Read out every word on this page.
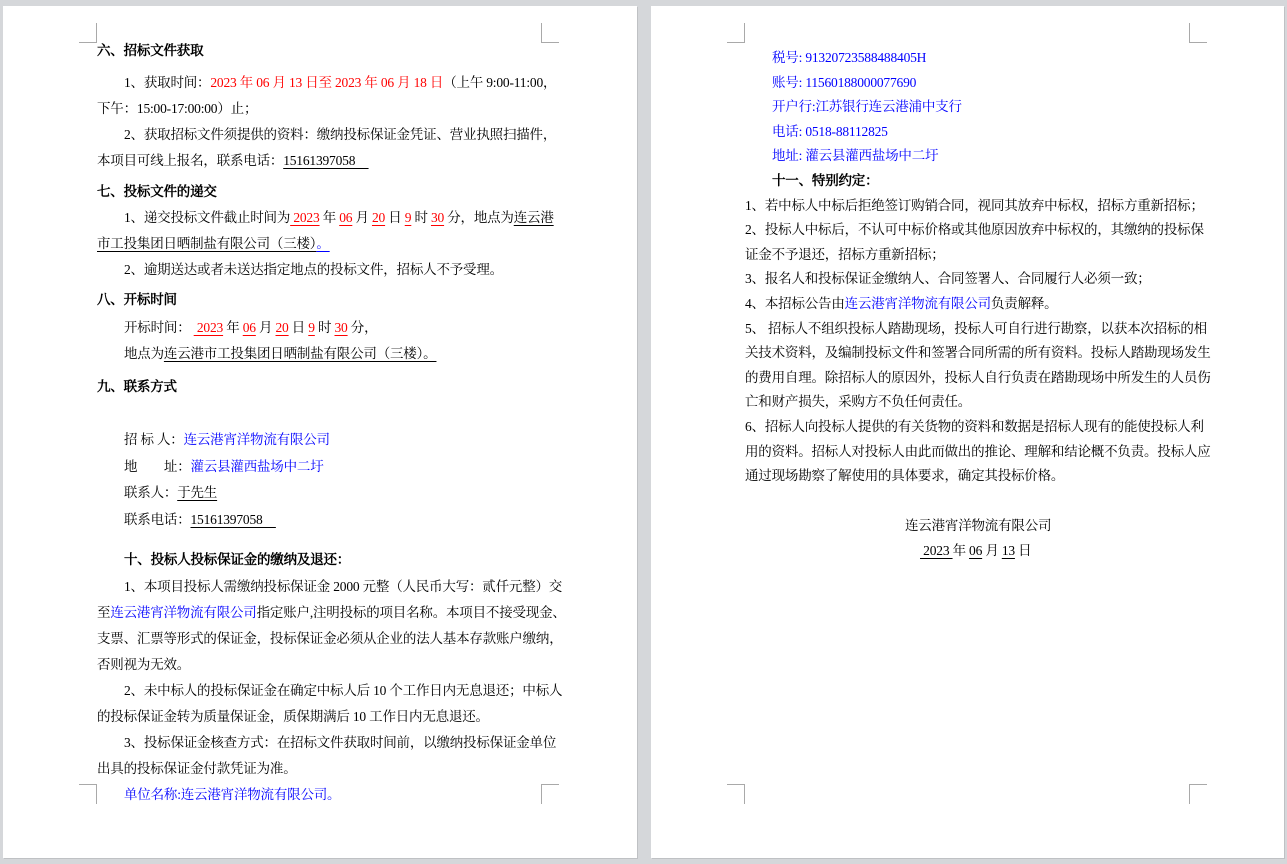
六、招标文件获取
1、获取时间：2023 年 06 月 13 日至 2023 年 06 月 18 日（上午 9:00-11:00，
下午：15:00-17:00:00）止；
2、获取招标文件须提供的资料：缴纳投标保证金凭证、营业执照扫描件，
本项目可线上报名，联系电话：15161397058　
七、投标文件的递交
1、递交投标文件截止时间为 2023 年 06 月 20 日 9 时 30 分，地点为连云港
市工投集团日晒制盐有限公司（三楼）。
2、逾期送达或者未送达指定地点的投标文件，招标人不予受理。
八、开标时间
开标时间：  2023 年 06 月 20 日 9 时 30 分，
地点为连云港市工投集团日晒制盐有限公司（三楼）。
九、联系方式
招 标 人：连云港宵洋物流有限公司
地　　址：灌云县灌西盐场中二圩
联系人：于先生
联系电话：15161397058　
十、投标人投标保证金的缴纳及退还：
1、本项目投标人需缴纳投标保证金 2000 元整（人民币大写：贰仟元整）交
至连云港宵洋物流有限公司指定账户,注明投标的项目名称。本项目不接受现金、
支票、汇票等形式的保证金，投标保证金必须从企业的法人基本存款账户缴纳，
否则视为无效。
2、未中标人的投标保证金在确定中标人后 10 个工作日内无息退还；中标人
的投标保证金转为质量保证金，质保期满后 10 工作日内无息退还。
3、投标保证金核查方式：在招标文件获取时间前，以缴纳投标保证金单位
出具的投标保证金付款凭证为准。
单位名称:连云港宵洋物流有限公司。
税号: 91320723588488405H
账号: 11560188000077690
开户行:江苏银行连云港浦中支行
电话: 0518-88112825
地址: 灌云县灌西盐场中二圩
十一、特别约定：
1、若中标人中标后拒绝签订购销合同，视同其放弃中标权，招标方重新招标；
2、投标人中标后，不认可中标价格或其他原因放弃中标权的，其缴纳的投标保
证金不予退还，招标方重新招标；
3、报名人和投标保证金缴纳人、合同签署人、合同履行人必须一致；
4、本招标公告由连云港宵洋物流有限公司负责解释。
5、 招标人不组织投标人踏勘现场，投标人可自行进行勘察，以获本次招标的相
关技术资料，及编制投标文件和签署合同所需的所有资料。投标人踏勘现场发生
的费用自理。除招标人的原因外，投标人自行负责在踏勘现场中所发生的人员伤
亡和财产损失，采购方不负任何责任。
6、招标人向投标人提供的有关货物的资料和数据是招标人现有的能使投标人利
用的资料。招标人对投标人由此而做出的推论、理解和结论概不负责。投标人应
通过现场勘察了解使用的具体要求，确定其投标价格。
连云港宵洋物流有限公司
2023 年 06 月 13 日
